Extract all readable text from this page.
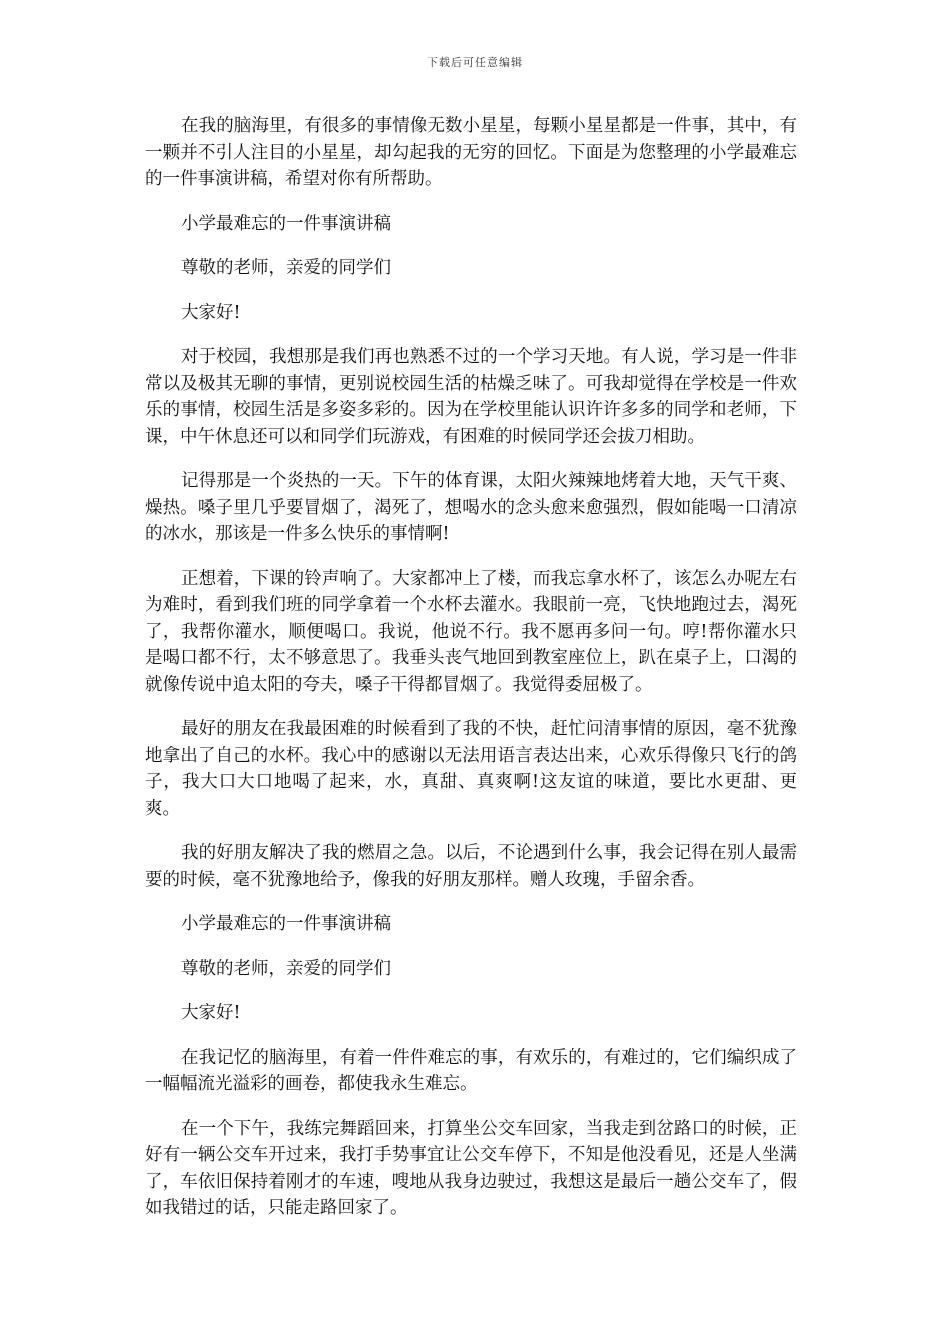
下载后可任意编辑

在我的脑海里，有很多的事情像无数小星星，每颗小星星都是一件事，其中，有一颗并不引人注目的小星星，却勾起我的无穷的回忆。下面是为您整理的小学最难忘的一件事演讲稿，希望对你有所帮助。

小学最难忘的一件事演讲稿

尊敬的老师，亲爱的同学们

大家好!

对于校园，我想那是我们再也熟悉不过的一个学习天地。有人说，学习是一件非常以及极其无聊的事情，更别说校园生活的枯燥乏味了。可我却觉得在学校是一件欢乐的事情，校园生活是多姿多彩的。因为在学校里能认识许许多多的同学和老师，下课，中午休息还可以和同学们玩游戏，有困难的时候同学还会拔刀相助。

记得那是一个炎热的一天。下午的体育课，太阳火辣辣地烤着大地，天气干爽、燥热。嗓子里几乎要冒烟了，渴死了，想喝水的念头愈来愈强烈，假如能喝一口清凉的冰水，那该是一件多么快乐的事情啊!

正想着，下课的铃声响了。大家都冲上了楼，而我忘拿水杯了，该怎么办呢左右为难时，看到我们班的同学拿着一个水杯去灌水。我眼前一亮，飞快地跑过去，渴死了，我帮你灌水，顺便喝口。我说，他说不行。我不愿再多问一句。哼!帮你灌水只是喝口都不行，太不够意思了。我垂头丧气地回到教室座位上，趴在桌子上，口渴的就像传说中追太阳的夸夫，嗓子干得都冒烟了。我觉得委屈极了。

最好的朋友在我最困难的时候看到了我的不快，赶忙问清事情的原因，毫不犹豫地拿出了自己的水杯。我心中的感谢以无法用语言表达出来，心欢乐得像只飞行的鸽子，我大口大口地喝了起来，水，真甜、真爽啊!这友谊的味道，要比水更甜、更爽。

我的好朋友解决了我的燃眉之急。以后，不论遇到什么事，我会记得在别人最需要的时候，毫不犹豫地给予，像我的好朋友那样。赠人玫瑰，手留余香。

小学最难忘的一件事演讲稿

尊敬的老师，亲爱的同学们

大家好!

在我记忆的脑海里，有着一件件难忘的事，有欢乐的，有难过的，它们编织成了一幅幅流光溢彩的画卷，都使我永生难忘。

在一个下午，我练完舞蹈回来，打算坐公交车回家，当我走到岔路口的时候，正好有一辆公交车开过来，我打手势事宜让公交车停下，不知是他没看见，还是人坐满了，车依旧保持着刚才的车速，嗖地从我身边驶过，我想这是最后一趟公交车了，假如我错过的话，只能走路回家了。
